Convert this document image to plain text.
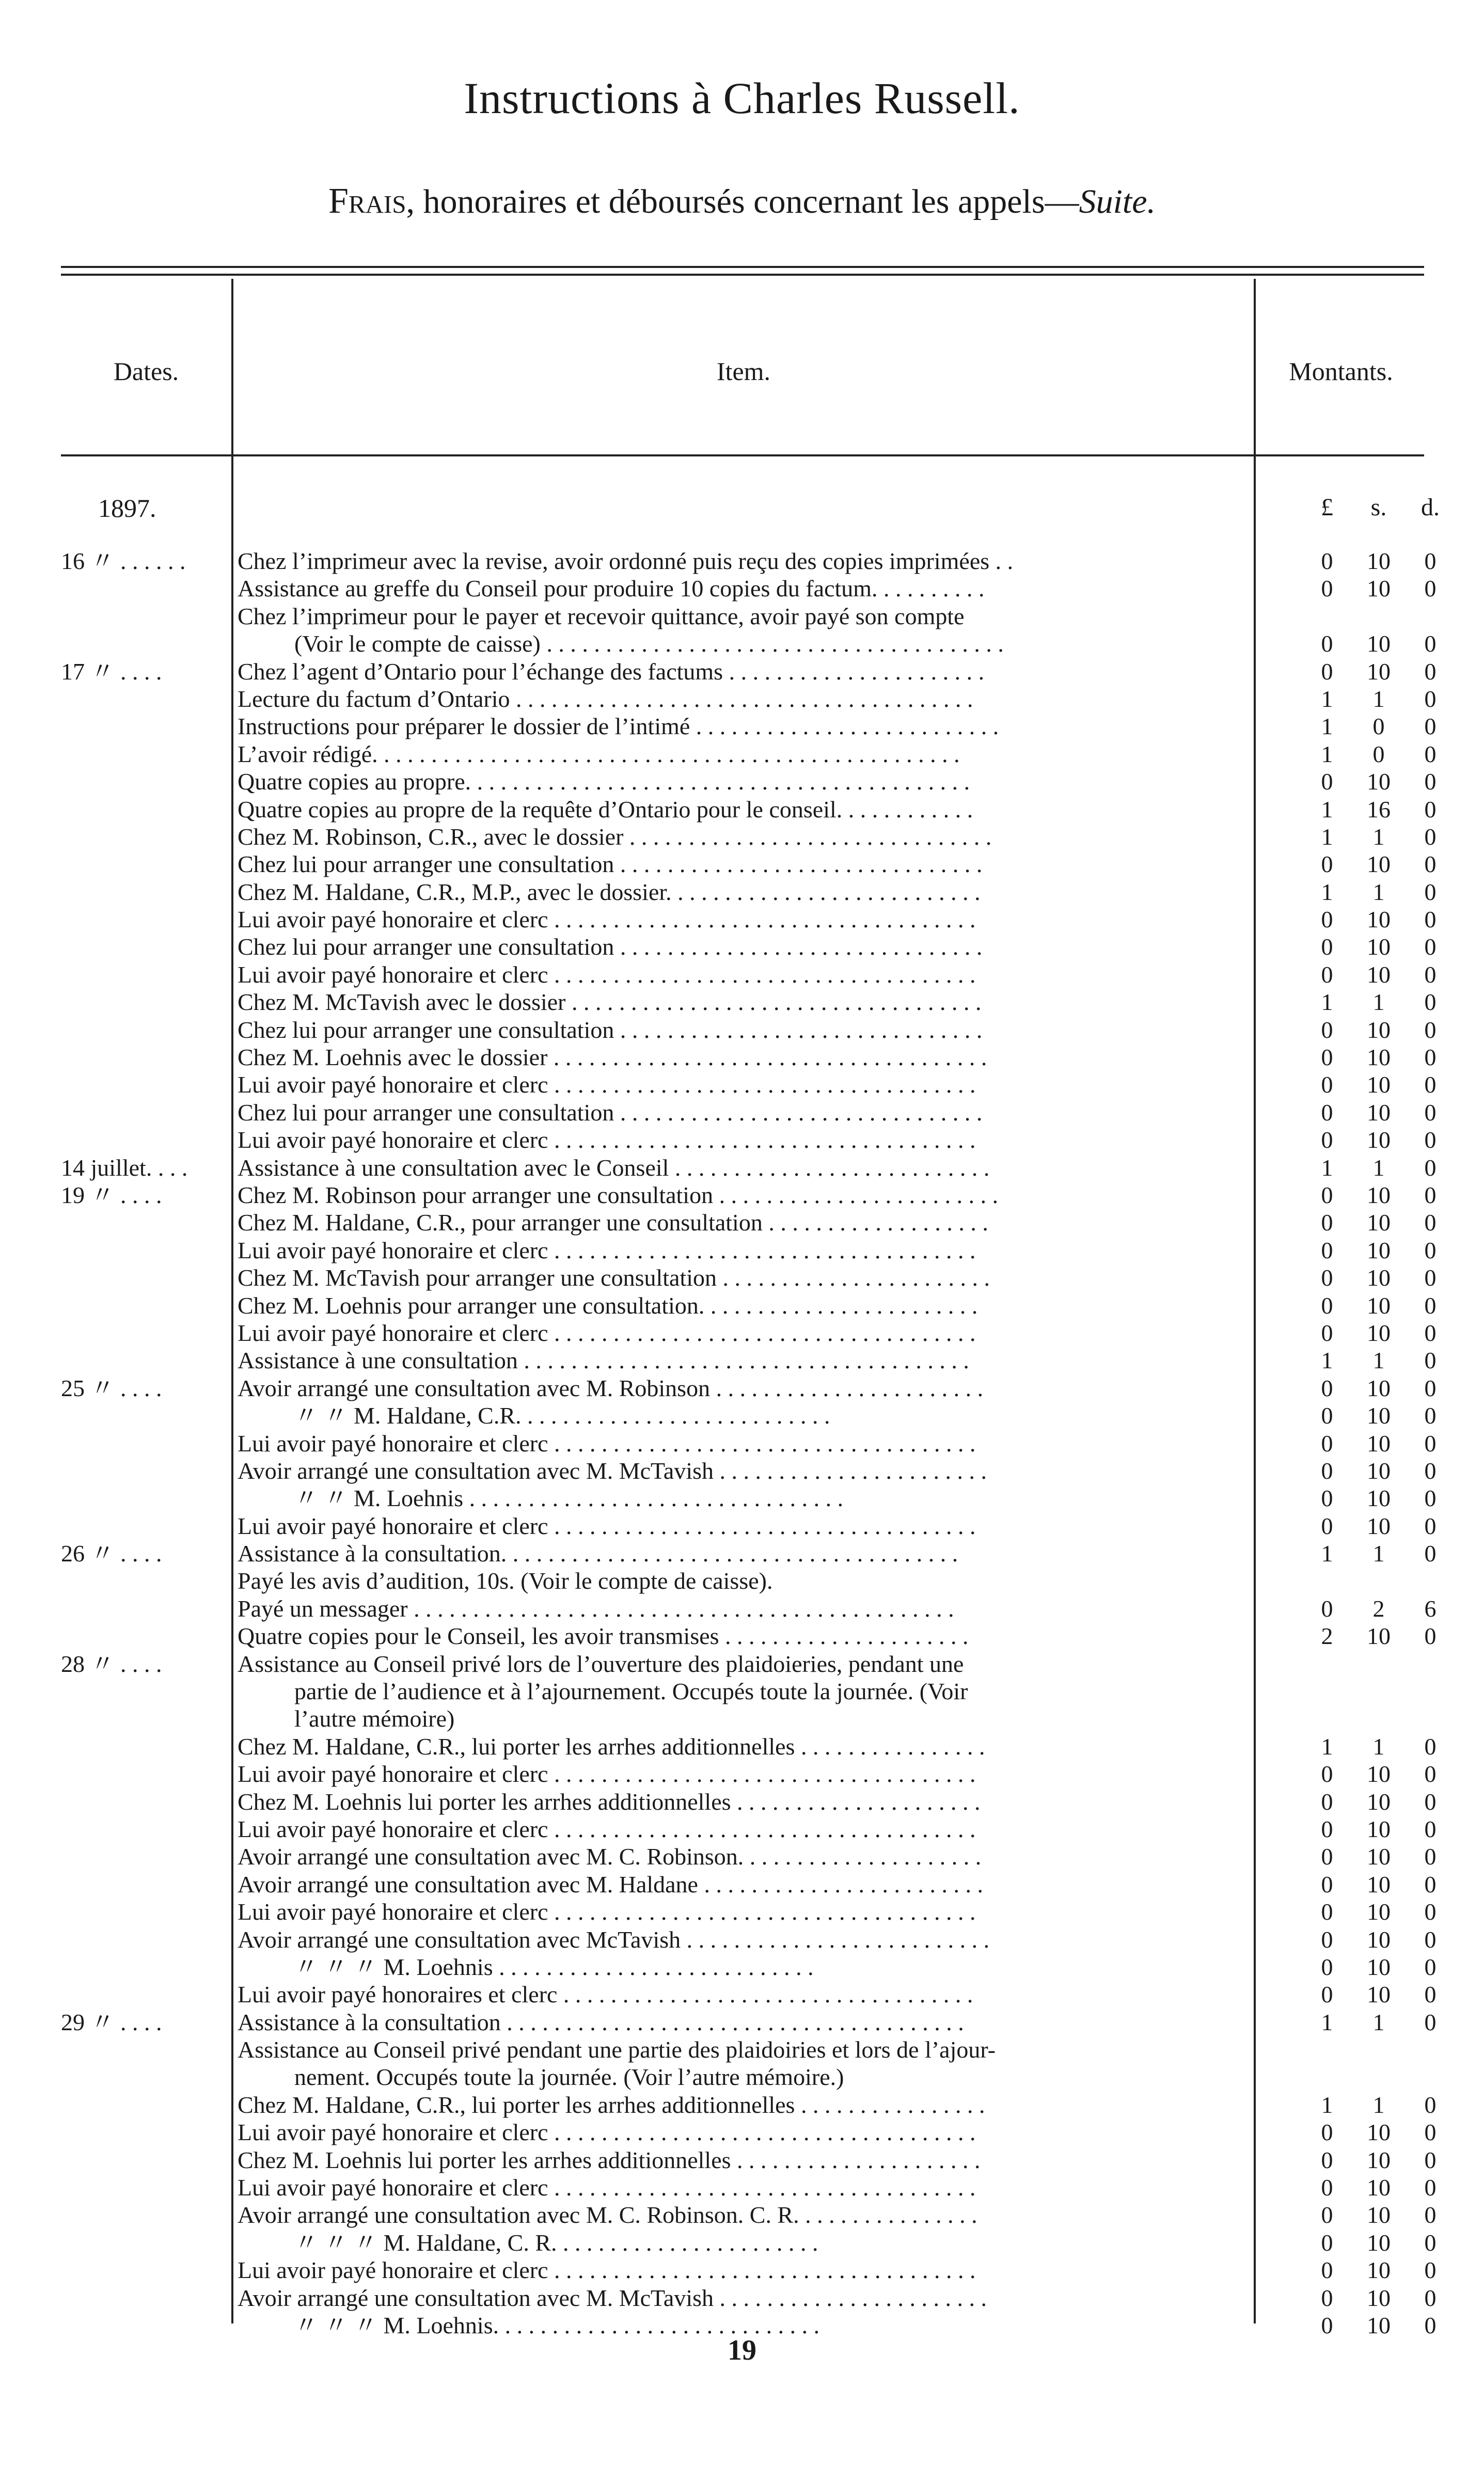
Instructions à Charles Russell.
Frais, honoraires et déboursés concernant les appels—Suite.
Dates.	Item.	Montants.
1897.	£ s. d.
16 〃 . . . . . .	Chez l’imprimeur avec la revise, avoir ordonné puis reçu des copies imprimées . .	0 10 0
Assistance au greffe du Conseil pour produire 10 copies du factum. . . . . . . . . .	0 10 0
Chez l’imprimeur pour le payer et recevoir quittance, avoir payé son compte
(Voir le compte de caisse) . . . . . . . . . . . . . . . . . . . . . . . . . . . . . . . . . . . . . . .	0 10 0
17 〃 . . . .	Chez l’agent d’Ontario pour l’échange des factums . . . . . . . . . . . . . . . . . . . . . .	0 10 0
Lecture du factum d’Ontario . . . . . . . . . . . . . . . . . . . . . . . . . . . . . . . . . . . . . . .	1 1 0
Instructions pour préparer le dossier de l’intimé . . . . . . . . . . . . . . . . . . . . . . . . . .	1 0 0
L’avoir rédigé. . . . . . . . . . . . . . . . . . . . . . . . . . . . . . . . . . . . . . . . . . . . . . . . . .	1 0 0
Quatre copies au propre. . . . . . . . . . . . . . . . . . . . . . . . . . . . . . . . . . . . . . . . . . .	0 10 0
Quatre copies au propre de la requête d’Ontario pour le conseil. . . . . . . . . . . .	1 16 0
Chez M. Robinson, C.R., avec le dossier . . . . . . . . . . . . . . . . . . . . . . . . . . . . . . .	1 1 0
Chez lui pour arranger une consultation . . . . . . . . . . . . . . . . . . . . . . . . . . . . . . .	0 10 0
Chez M. Haldane, C.R., M.P., avec le dossier. . . . . . . . . . . . . . . . . . . . . . . . . . .	1 1 0
Lui avoir payé honoraire et clerc . . . . . . . . . . . . . . . . . . . . . . . . . . . . . . . . . . . .	0 10 0
Chez lui pour arranger une consultation . . . . . . . . . . . . . . . . . . . . . . . . . . . . . . .	0 10 0
Lui avoir payé honoraire et clerc . . . . . . . . . . . . . . . . . . . . . . . . . . . . . . . . . . . .	0 10 0
Chez M. McTavish avec le dossier . . . . . . . . . . . . . . . . . . . . . . . . . . . . . . . . . . .	1 1 0
Chez lui pour arranger une consultation . . . . . . . . . . . . . . . . . . . . . . . . . . . . . . .	0 10 0
Chez M. Loehnis avec le dossier . . . . . . . . . . . . . . . . . . . . . . . . . . . . . . . . . . . . .	0 10 0
Lui avoir payé honoraire et clerc . . . . . . . . . . . . . . . . . . . . . . . . . . . . . . . . . . . .	0 10 0
Chez lui pour arranger une consultation . . . . . . . . . . . . . . . . . . . . . . . . . . . . . . .	0 10 0
Lui avoir payé honoraire et clerc . . . . . . . . . . . . . . . . . . . . . . . . . . . . . . . . . . . .	0 10 0
14 juillet. . . .	Assistance à une consultation avec le Conseil . . . . . . . . . . . . . . . . . . . . . . . . . . .	1 1 0
19 〃 . . . .	Chez M. Robinson pour arranger une consultation . . . . . . . . . . . . . . . . . . . . . . . .	0 10 0
Chez M. Haldane, C.R., pour arranger une consultation . . . . . . . . . . . . . . . . . . .	0 10 0
Lui avoir payé honoraire et clerc . . . . . . . . . . . . . . . . . . . . . . . . . . . . . . . . . . . .	0 10 0
Chez M. McTavish pour arranger une consultation . . . . . . . . . . . . . . . . . . . . . . .	0 10 0
Chez M. Loehnis pour arranger une consultation. . . . . . . . . . . . . . . . . . . . . . . .	0 10 0
Lui avoir payé honoraire et clerc . . . . . . . . . . . . . . . . . . . . . . . . . . . . . . . . . . . .	0 10 0
Assistance à une consultation . . . . . . . . . . . . . . . . . . . . . . . . . . . . . . . . . . . . . .	1 1 0
25 〃 . . . .	Avoir arrangé une consultation avec M. Robinson . . . . . . . . . . . . . . . . . . . . . . .	0 10 0
〃 〃 M. Haldane, C.R. . . . . . . . . . . . . . . . . . . . . . . . . . .	0 10 0
Lui avoir payé honoraire et clerc . . . . . . . . . . . . . . . . . . . . . . . . . . . . . . . . . . . .	0 10 0
Avoir arrangé une consultation avec M. McTavish . . . . . . . . . . . . . . . . . . . . . . .	0 10 0
〃 〃 M. Loehnis . . . . . . . . . . . . . . . . . . . . . . . . . . . . . . . .	0 10 0
Lui avoir payé honoraire et clerc . . . . . . . . . . . . . . . . . . . . . . . . . . . . . . . . . . . .	0 10 0
26 〃 . . . .	Assistance à la consultation. . . . . . . . . . . . . . . . . . . . . . . . . . . . . . . . . . . . . . .	1 1 0
Payé les avis d’audition, 10s. (Voir le compte de caisse).
Payé un messager . . . . . . . . . . . . . . . . . . . . . . . . . . . . . . . . . . . . . . . . . . . . . .	0 2 6
Quatre copies pour le Conseil, les avoir transmises . . . . . . . . . . . . . . . . . . . . .	2 10 0
28 〃 . . . .	Assistance au Conseil privé lors de l’ouverture des plaidoieries, pendant une
partie de l’audience et à l’ajournement. Occupés toute la journée. (Voir
l’autre mémoire)
Chez M. Haldane, C.R., lui porter les arrhes additionnelles . . . . . . . . . . . . . . . .	1 1 0
Lui avoir payé honoraire et clerc . . . . . . . . . . . . . . . . . . . . . . . . . . . . . . . . . . . .	0 10 0
Chez M. Loehnis lui porter les arrhes additionnelles . . . . . . . . . . . . . . . . . . . . .	0 10 0
Lui avoir payé honoraire et clerc . . . . . . . . . . . . . . . . . . . . . . . . . . . . . . . . . . . .	0 10 0
Avoir arrangé une consultation avec M. C. Robinson. . . . . . . . . . . . . . . . . . . . .	0 10 0
Avoir arrangé une consultation avec M. Haldane . . . . . . . . . . . . . . . . . . . . . . . .	0 10 0
Lui avoir payé honoraire et clerc . . . . . . . . . . . . . . . . . . . . . . . . . . . . . . . . . . . .	0 10 0
Avoir arrangé une consultation avec McTavish . . . . . . . . . . . . . . . . . . . . . . . . . .	0 10 0
〃 〃 〃 M. Loehnis . . . . . . . . . . . . . . . . . . . . . . . . . . .	0 10 0
Lui avoir payé honoraires et clerc . . . . . . . . . . . . . . . . . . . . . . . . . . . . . . . . . . .	0 10 0
29 〃 . . . .	Assistance à la consultation . . . . . . . . . . . . . . . . . . . . . . . . . . . . . . . . . . . . . . .	1 1 0
Assistance au Conseil privé pendant une partie des plaidoiries et lors de l’ajour-
nement. Occupés toute la journée. (Voir l’autre mémoire.)
Chez M. Haldane, C.R., lui porter les arrhes additionnelles . . . . . . . . . . . . . . . .	1 1 0
Lui avoir payé honoraire et clerc . . . . . . . . . . . . . . . . . . . . . . . . . . . . . . . . . . . .	0 10 0
Chez M. Loehnis lui porter les arrhes additionnelles . . . . . . . . . . . . . . . . . . . . .	0 10 0
Lui avoir payé honoraire et clerc . . . . . . . . . . . . . . . . . . . . . . . . . . . . . . . . . . . .	0 10 0
Avoir arrangé une consultation avec M. C. Robinson. C. R. . . . . . . . . . . . . . . .	0 10 0
〃 〃 〃 M. Haldane, C. R. . . . . . . . . . . . . . . . . . . . . . .	0 10 0
Lui avoir payé honoraire et clerc . . . . . . . . . . . . . . . . . . . . . . . . . . . . . . . . . . . .	0 10 0
Avoir arrangé une consultation avec M. McTavish . . . . . . . . . . . . . . . . . . . . . . .	0 10 0
〃 〃 〃 M. Loehnis. . . . . . . . . . . . . . . . . . . . . . . . . . . .	0 10 0
19
